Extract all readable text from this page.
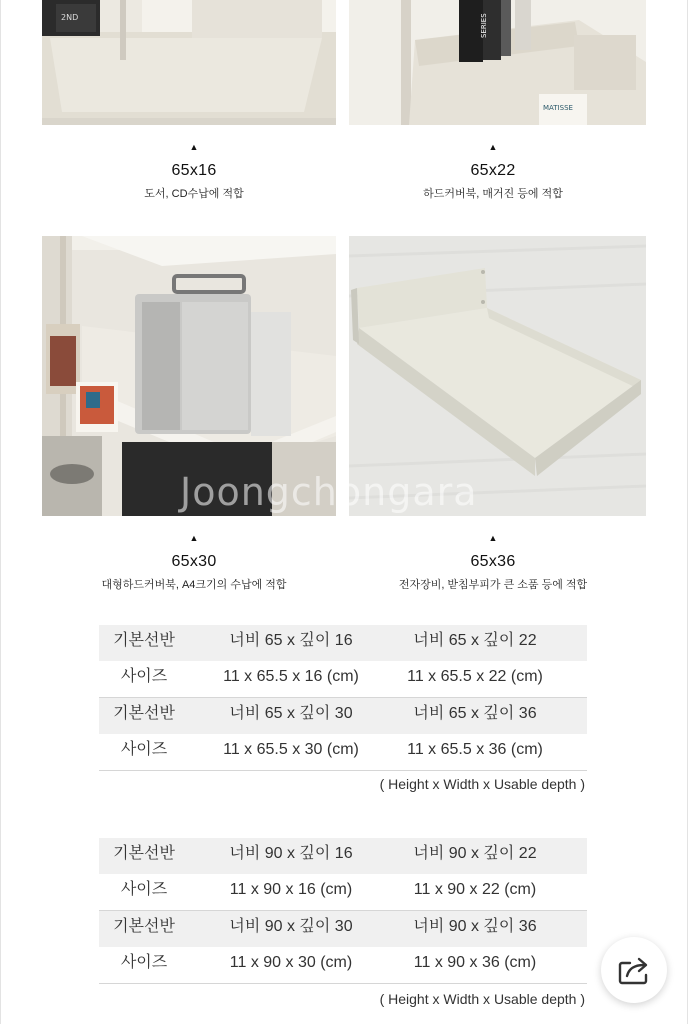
2ND	SERIES
MATISSE
▲
65x16
도서, CD수납에 적합
▲
65x22
하드커버북, 매거진 등에 적합
Joongchongara
▲
65x30
대형하드커버북, A4크기의 수납에 적합
▲
65x36
전자장비, 받침부피가 큰 소품 등에 적합
기본선반	너비 65 x 깊이 16	너비 65 x 깊이 22
사이즈	11 x 65.5 x 16 (cm)	11 x 65.5 x 22 (cm)
기본선반	너비 65 x 깊이 30	너비 65 x 깊이 36
사이즈	11 x 65.5 x 30 (cm)	11 x 65.5 x 36 (cm)
( Height x Width x Usable depth )
기본선반	너비 90 x 깊이 16	너비 90 x 깊이 22
사이즈	11 x 90 x 16 (cm)	11 x 90 x 22 (cm)
기본선반	너비 90 x 깊이 30	너비 90 x 깊이 36
사이즈	11 x 90 x 30 (cm)	11 x 90 x 36 (cm)
( Height x Width x Usable depth )
